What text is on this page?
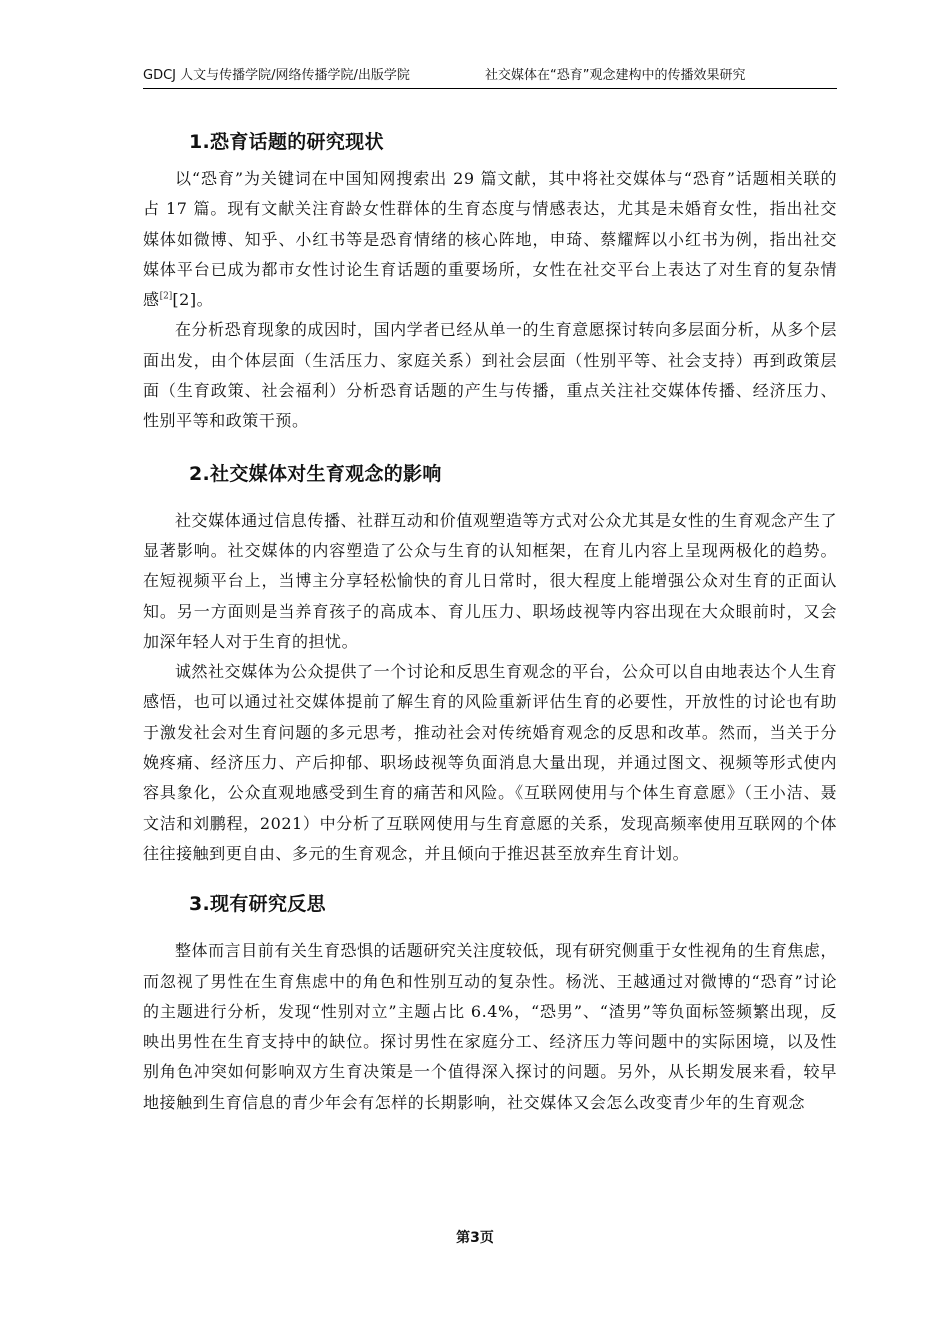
GDCJ 人文与传播学院/网络传播学院/出版学院	社交媒体在“恐育”观念建构中的传播效果研究
1.恐育话题的研究现状

以“恐育”为关键词在中国知网搜索出 29 篇文献，其中将社交媒体与“恐育”话题相关联的占 17 篇。现有文献关注育龄女性群体的生育态度与情感表达，尤其是未婚育女性，指出社交媒体如微博、知乎、小红书等是恐育情绪的核心阵地，申琦、蔡耀辉以小红书为例，指出社交媒体平台已成为都市女性讨论生育话题的重要场所，女性在社交平台上表达了对生育的复杂情感[2][2]。

在分析恐育现象的成因时，国内学者已经从单一的生育意愿探讨转向多层面分析，从多个层面出发，由个体层面（生活压力、家庭关系）到社会层面（性别平等、社会支持）再到政策层面（生育政策、社会福利）分析恐育话题的产生与传播，重点关注社交媒体传播、经济压力、性别平等和政策干预。

2.社交媒体对生育观念的影响

社交媒体通过信息传播、社群互动和价值观塑造等方式对公众尤其是女性的生育观念产生了显著影响。社交媒体的内容塑造了公众与生育的认知框架，在育儿内容上呈现两极化的趋势。在短视频平台上，当博主分享轻松愉快的育儿日常时，很大程度上能增强公众对生育的正面认知。另一方面则是当养育孩子的高成本、育儿压力、职场歧视等内容出现在大众眼前时，又会加深年轻人对于生育的担忧。

诚然社交媒体为公众提供了一个讨论和反思生育观念的平台，公众可以自由地表达个人生育感悟，也可以通过社交媒体提前了解生育的风险重新评估生育的必要性，开放性的讨论也有助于激发社会对生育问题的多元思考，推动社会对传统婚育观念的反思和改革。然而，当关于分娩疼痛、经济压力、产后抑郁、职场歧视等负面消息大量出现，并通过图文、视频等形式使内容具象化，公众直观地感受到生育的痛苦和风险。《互联网使用与个体生育意愿》（王小洁、聂文洁和刘鹏程，2021）中分析了互联网使用与生育意愿的关系，发现高频率使用互联网的个体往往接触到更自由、多元的生育观念，并且倾向于推迟甚至放弃生育计划。

3.现有研究反思

整体而言目前有关生育恐惧的话题研究关注度较低，现有研究侧重于女性视角的生育焦虑，而忽视了男性在生育焦虑中的角色和性别互动的复杂性。杨洸、王越通过对微博的“恐育”讨论的主题进行分析，发现“性别对立”主题占比 6.4%，“恐男”、“渣男”等负面标签频繁出现，反映出男性在生育支持中的缺位。探讨男性在家庭分工、经济压力等问题中的实际困境，以及性别角色冲突如何影响双方生育决策是一个值得深入探讨的问题。另外，从长期发展来看，较早地接触到生育信息的青少年会有怎样的长期影响，社交媒体又会怎么改变青少年的生育观念

第3页
